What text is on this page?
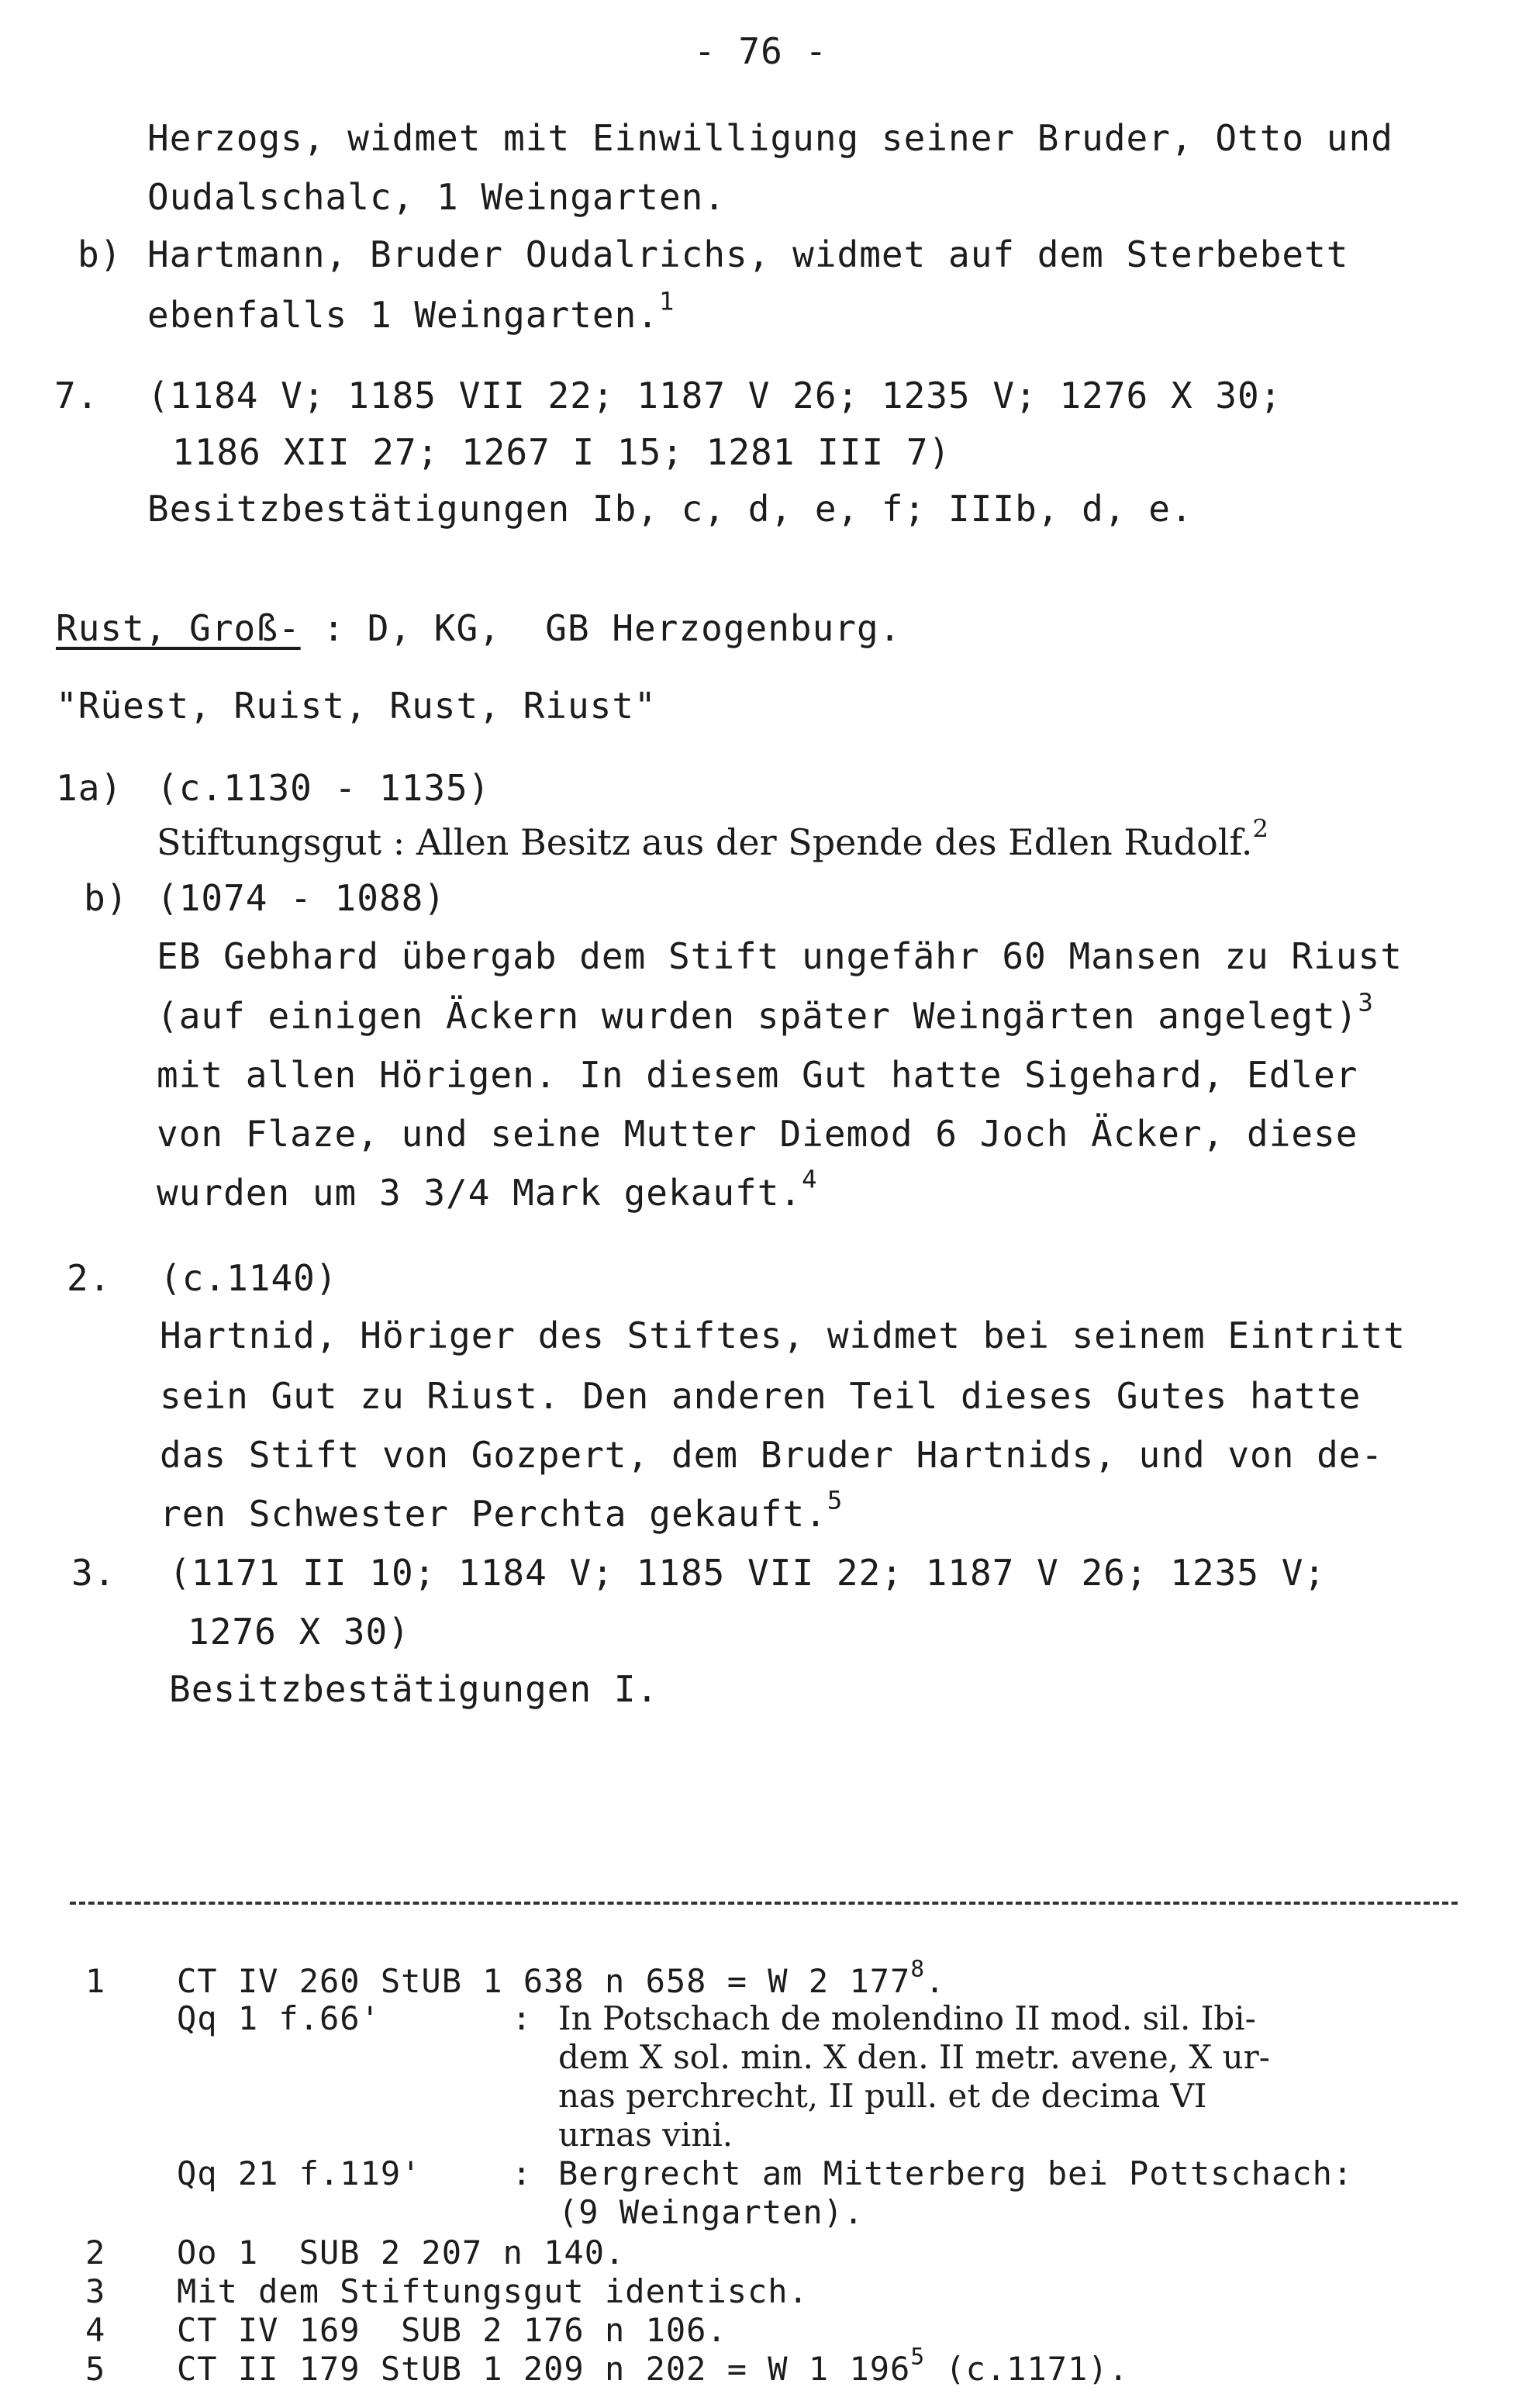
- 76 -
Herzogs, widmet mit Einwilligung seiner Bruder, Otto und
Oudalschalc, 1 Weingarten.
b) Hartmann, Bruder Oudalrichs, widmet auf dem Sterbebett
ebenfalls 1 Weingarten.$^1$
7. (1184 V; 1185 VII 22; 1187 V 26; 1235 V; 1276 X 30;
1186 XII 27; 1267 I 15; 1281 III 7)
Besitzbestätigungen Ib, c, d, e, f; IIIb, d, e.
Rust, Groß- : D, KG,  GB Herzogenburg.
"Rüest, Ruist, Rust, Riust"
1a) (c.1130 - 1135)
Stiftungsgut : Allen Besitz aus der Spende des Edlen Rudolf.$^2$
b) (1074 - 1088)
EB Gebhard übergab dem Stift ungefähr 60 Mansen zu Riust
(auf einigen Äckern wurden später Weingärten angelegt)$^3$
mit allen Hörigen. In diesem Gut hatte Sigehard, Edler
von Flaze, und seine Mutter Diemod 6 Joch Äcker, diese
wurden um 3 3/4 Mark gekauft.$^4$
2. (c.1140)
Hartnid, Höriger des Stiftes, widmet bei seinem Eintritt
sein Gut zu Riust. Den anderen Teil dieses Gutes hatte
das Stift von Gozpert, dem Bruder Hartnids, und von de-
ren Schwester Perchta gekauft.$^5$
3. (1171 II 10; 1184 V; 1185 VII 22; 1187 V 26; 1235 V;
1276 X 30)
Besitzbestätigungen I.
1 CT IV 260 StUB 1 638 n 658 = W 2 $177^8$.
Qq 1 f.66'	: In Potschach de molendino II mod. sil. Ibi-
dem X sol. min. X den. II metr. avene, X ur-
nas perchrecht, II pull. et de decima VI
urnas vini.
Qq 21 f.119'	: Bergrecht am Mitterberg bei Pottschach:
(9 Weingarten).
2 Oo 1  SUB 2 207 n 140.
3 Mit dem Stiftungsgut identisch.
4 CT IV 169  SUB 2 176 n 106.
5 CT II 179 StUB 1 209 n 202 = W 1 $196^5$ (c.1171).
